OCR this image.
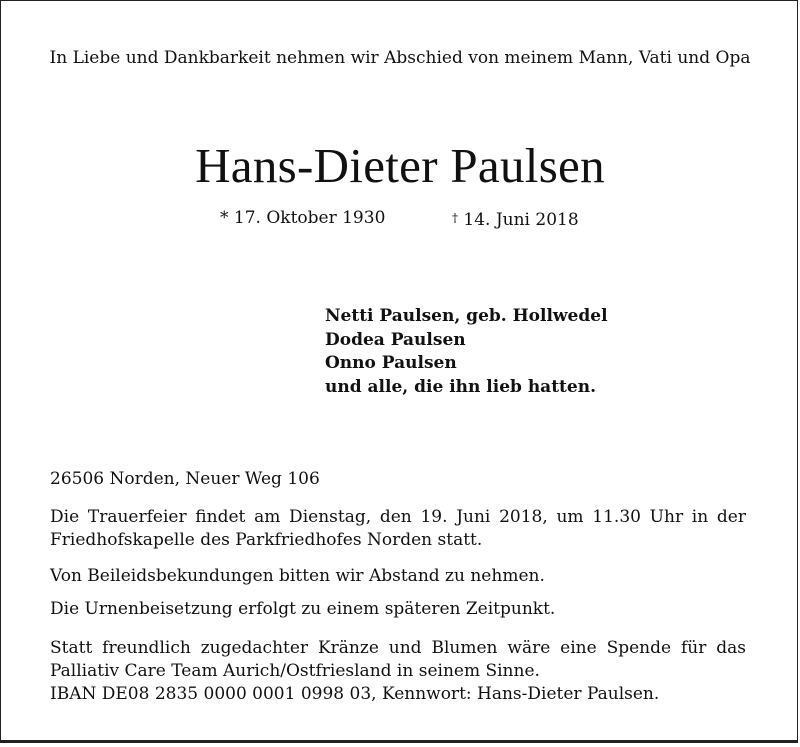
In Liebe und Dankbarkeit nehmen wir Abschied von meinem Mann, Vati und Opa
Hans-Dieter Paulsen
* 17. Oktober 1930	† 14. Juni 2018
Netti Paulsen, geb. Hollwedel
Dodea Paulsen
Onno Paulsen
und alle, die ihn lieb hatten.
26506 Norden, Neuer Weg 106
Die Trauerfeier findet am Dienstag, den 19. Juni 2018, um 11.30 Uhr in der
Friedhofskapelle des Parkfriedhofes Norden statt.
Von Beileidsbekundungen bitten wir Abstand zu nehmen.
Die Urnenbeisetzung erfolgt zu einem späteren Zeitpunkt.
Statt freundlich zugedachter Kränze und Blumen wäre eine Spende für das
Palliativ Care Team Aurich/Ostfriesland in seinem Sinne.
IBAN DE08 2835 0000 0001 0998 03, Kennwort: Hans-Dieter Paulsen.
